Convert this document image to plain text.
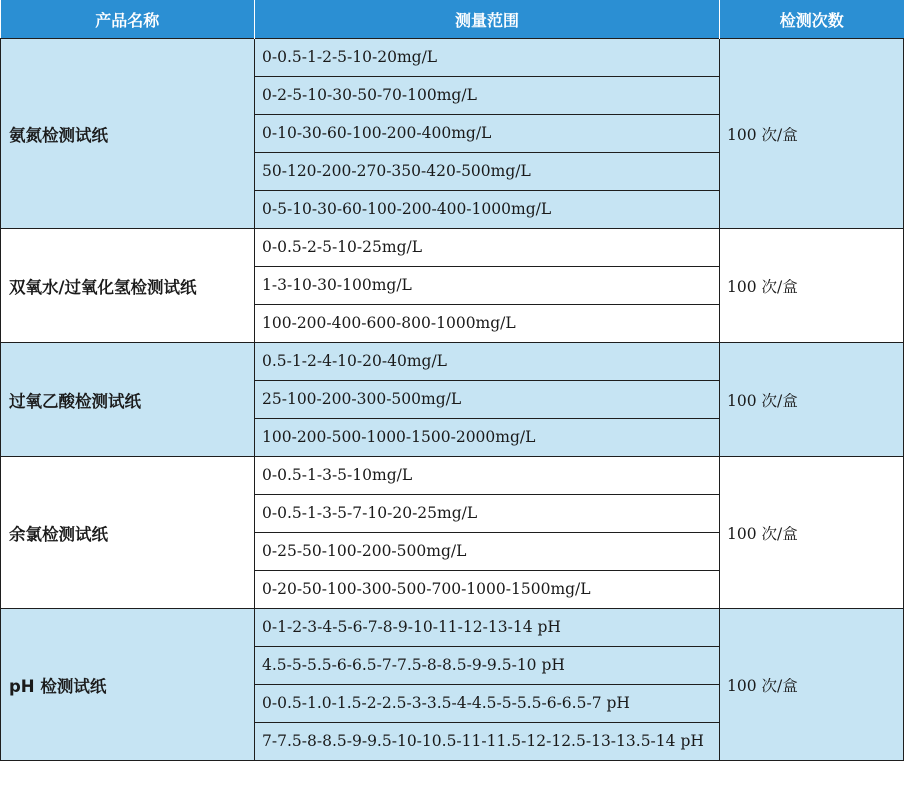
产品名称	测量范围	检测次数
氨氮检测试纸	0-0.5-1-2-5-10-20mg/L	100 次/盒
	0-2-5-10-30-50-70-100mg/L	
	0-10-30-60-100-200-400mg/L	
	50-120-200-270-350-420-500mg/L	
	0-5-10-30-60-100-200-400-1000mg/L	
双氧水/过氧化氢检测试纸	0-0.5-2-5-10-25mg/L	100 次/盒
	1-3-10-30-100mg/L	
	100-200-400-600-800-1000mg/L	
过氧乙酸检测试纸	0.5-1-2-4-10-20-40mg/L	100 次/盒
	25-100-200-300-500mg/L	
	100-200-500-1000-1500-2000mg/L	
余氯检测试纸	0-0.5-1-3-5-10mg/L	100 次/盒
	0-0.5-1-3-5-7-10-20-25mg/L	
	0-25-50-100-200-500mg/L	
	0-20-50-100-300-500-700-1000-1500mg/L	
pH 检测试纸	0-1-2-3-4-5-6-7-8-9-10-11-12-13-14 pH	100 次/盒
	4.5-5-5.5-6-6.5-7-7.5-8-8.5-9-9.5-10 pH	
	0-0.5-1.0-1.5-2-2.5-3-3.5-4-4.5-5-5.5-6-6.5-7 pH	
	7-7.5-8-8.5-9-9.5-10-10.5-11-11.5-12-12.5-13-13.5-14 pH	
